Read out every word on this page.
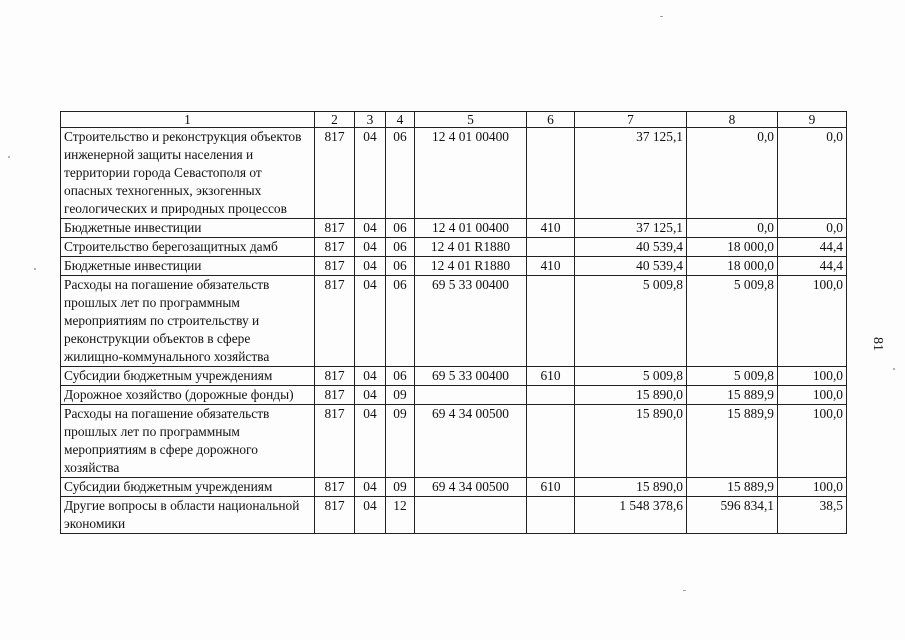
1	2	3	4	5	6	7	8	9
Строительство и реконструкция объектов инженерной защиты населения и территории города Севастополя от опасных техногенных, экзогенных геологических и природных процессов	817	04	06	12 4 01 00400		37 125,1	0,0	0,0
Бюджетные инвестиции	817	04	06	12 4 01 00400	410	37 125,1	0,0	0,0
Строительство берегозащитных дамб	817	04	06	12 4 01 R1880		40 539,4	18 000,0	44,4
Бюджетные инвестиции	817	04	06	12 4 01 R1880	410	40 539,4	18 000,0	44,4
Расходы на погашение обязательств прошлых лет по программным мероприятиям по строительству и реконструкции объектов в сфере жилищно-коммунального хозяйства	817	04	06	69 5 33 00400		5 009,8	5 009,8	100,0
Субсидии бюджетным учреждениям	817	04	06	69 5 33 00400	610	5 009,8	5 009,8	100,0
Дорожное хозяйство (дорожные фонды)	817	04	09			15 890,0	15 889,9	100,0
Расходы на погашение обязательств прошлых лет по программным мероприятиям в сфере дорожного хозяйства	817	04	09	69 4 34 00500		15 890,0	15 889,9	100,0
Субсидии бюджетным учреждениям	817	04	09	69 4 34 00500	610	15 890,0	15 889,9	100,0
Другие вопросы в области национальной экономики	817	04	12			1 548 378,6	596 834,1	38,5
81
